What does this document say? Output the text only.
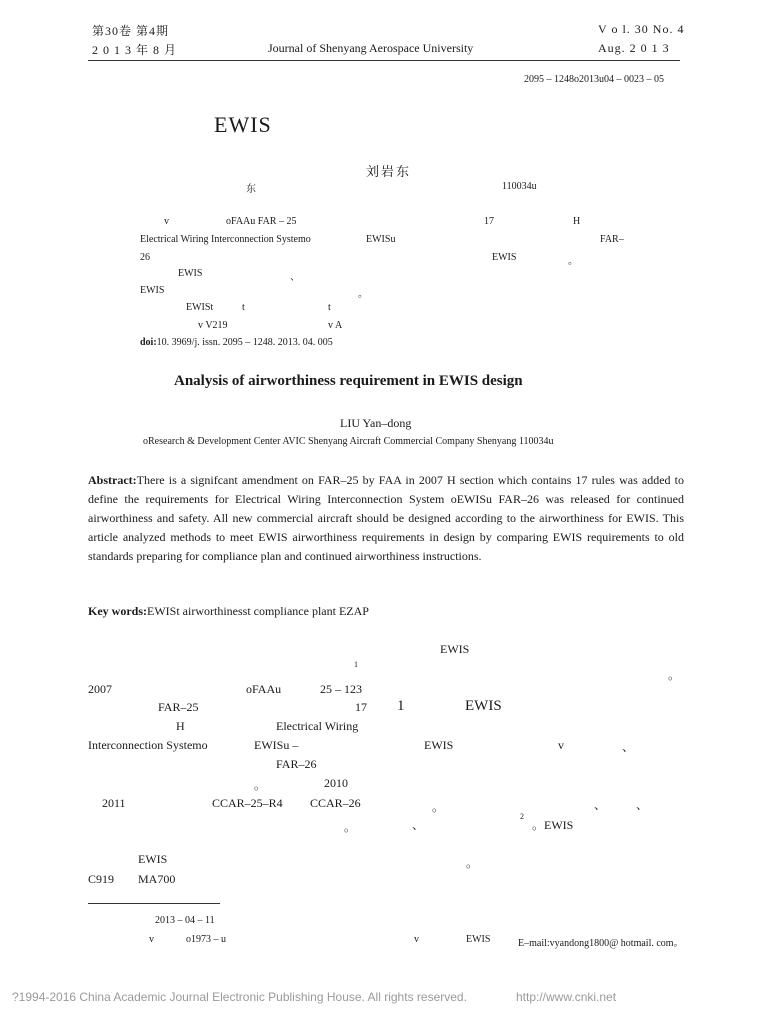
第30卷 第4期
2 0 1 3 年 8 月	Journal of Shenyang Aerospace University
V o l. 30 No. 4
Aug. 2 0 1 3
2095 – 1248o2013u04 – 0023 – 05
EWIS
刘岩东
东	110034u
v	oFAAu FAR – 25	17	H
Electrical Wiring Interconnection Systemo	EWISu	FAR–
26	EWIS	。
EWIS	、
EWIS	。
EWISt	t	t
v V219	v A
doi:10. 3969/j. issn. 2095 – 1248. 2013. 04. 005
Analysis of airworthiness requirement in EWIS design
LIU Yan–dong
oResearch & Development Center AVIC Shenyang Aircraft Commercial Company Shenyang 110034u
Abstract:There is a signifcant amendment on FAR–25 by FAA in 2007 H section which contains 17 rules was added to define the requirements for Electrical Wiring Interconnection System oEWISu FAR–26 was released for continued airworthiness and safety. All new commercial aircraft should be designed according to the airworthiness for EWIS. This article analyzed methods to meet EWIS airworthiness requirements in design by comparing EWIS requirements to old standards preparing for compliance plan and continued airworthiness instructions.
Key words:EWISt airworthinesst compliance plant EZAP
EWIS
1
。
2007	oFAAu	25 – 123
FAR–25	17 1	EWIS
H	Electrical Wiring
Interconnection Systemo	EWISu –	EWIS	v	、
FAR–26
。	2010
2011	CCAR–25–R4 CCAR–26	。	、 、
。	、
2
。EWIS
EWIS	。
C919 MA700
2013 – 04 – 11
v	o1973 – u	v	EWIS	E–mail:vyandong1800@ hotmail. com。
?1994-2016 China Academic Journal Electronic Publishing House. All rights reserved.	http://www.cnki.net
